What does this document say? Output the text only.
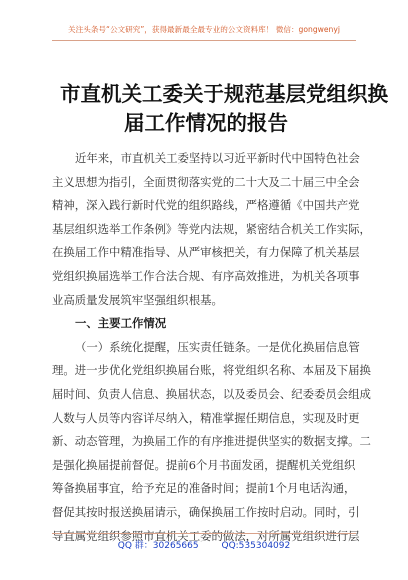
关注头条号“公文研究”，获得最新最全最专业的公文资料库！ 微信：gongwenyj
市直机关工委关于规范基层党组织换
届工作情况的报告
近年来，市直机关工委坚持以习近平新时代中国特色社会
主义思想为指引，全面贯彻落实党的二十大及二十届三中全会
精神，深入践行新时代党的组织路线，严格遵循《中国共产党
基层组织选举工作条例》等党内法规，紧密结合机关工作实际，
在换届工作中精准指导、从严审核把关，有力保障了机关基层
党组织换届选举工作合法合规、有序高效推进，为机关各项事
业高质量发展筑牢坚强组织根基。
一、主要工作情况
（一）系统化提醒，压实责任链条。一是优化换届信息管
理。进一步优化党组织换届台账，将党组织名称、本届及下届换
届时间、负责人信息、换届状态，以及委员会、纪委委员会组成
人数与人员等内容详尽纳入，精准掌握任期信息，实现及时更
新、动态管理，为换届工作的有序推进提供坚实的数据支撑。二
是强化换届提前督促。提前6个月书面发函，提醒机关党组织
筹备换届事宜，给予充足的准备时间；提前1个月电话沟通，
督促其按时报送换届请示，确保换届工作按时启动。同时，引
导直属党组织参照市直机关工委的做法，对所属党组织进行层
QQ 群：30265665	QQ:535304092
